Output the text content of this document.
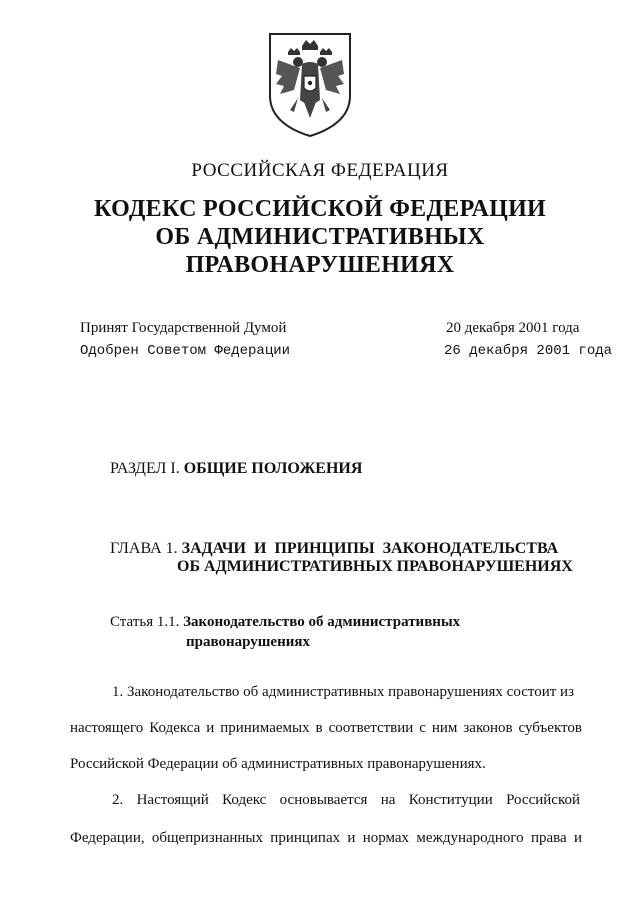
РОССИЙСКАЯ ФЕДЕРАЦИЯ
КОДЕКС РОССИЙСКОЙ ФЕДЕРАЦИИ
ОБ АДМИНИСТРАТИВНЫХ
ПРАВОНАРУШЕНИЯХ
Принят Государственной Думой	20 декабря 2001 года
Одобрен Советом Федерации	26 декабря 2001 года
РАЗДЕЛ I. ОБЩИЕ ПОЛОЖЕНИЯ
ГЛАВА 1. ЗАДАЧИ  И  ПРИНЦИПЫ  ЗАКОНОДАТЕЛЬСТВА
ОБ АДМИНИСТРАТИВНЫХ ПРАВОНАРУШЕНИЯХ
Статья 1.1. Законодательство об административных
правонарушениях
1. Законодательство об административных правонарушениях состоит из
настоящего Кодекса и принимаемых в соответствии с ним законов субъектов
Российской Федерации об административных правонарушениях.
2. Настоящий Кодекс основывается на Конституции Российской
Федерации, общепризнанных принципах и нормах международного права и
